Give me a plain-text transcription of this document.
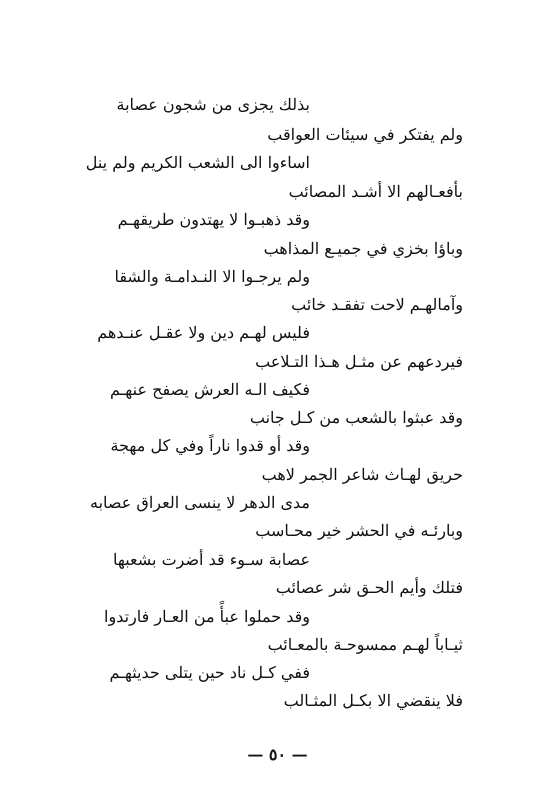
بذلك يجزى من شجون عصابة
ولم يفتكر في سيئات العواقب
اساءوا الى الشعب الكريم ولم ينل
بأفعـالهم الا أشـد المصائب
وقد ذهبـوا لا يهتدون طريقهـم
وباؤا بخزي في جميـع المذاهب
ولم يرجـوا الا النـدامـة والشقا
وآمالهـم لاحت تفقـد خائب
فليس لهـم دين ولا عقـل عنـدهم
فيردعهم عن مثـل هـذا التـلاعب
فكيف الـه العرش يصفح عنهـم
وقد عبثوا بالشعب من كـل جانب
وقد أو قدوا ناراً وفي كل مهجة
حريق لهـاث شاعر الجمر لاهب
مدى الدهر لا ينسى العراق عصابه
وبارئـه في الحشر خير محـاسب
عصابة سـوء قد أضرت بشعبها
فتلك وأيم الحـق شر عصائب
وقد حملوا عبأً من العـار فارتدوا
ثيـاباً لهـم ممسوحـة بالمعـائب
ففي كـل ناد حين يتلى حديثهـم
فلا ينقضي الا بكـل المثـالب
— ٥٠ —
